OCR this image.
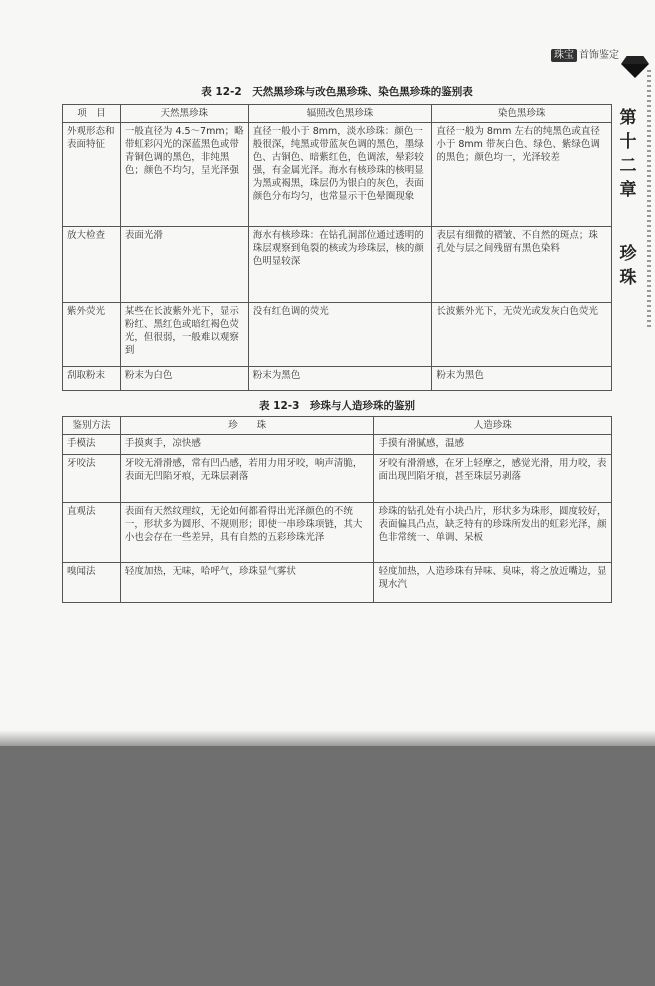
珠宝 首饰鉴定
第
十
二
章
珍
珠
表 12-2　天然黑珍珠与改色黑珍珠、染色黑珍珠的鉴别表
项　目	天然黑珍珠	辐照改色黑珍珠	染色黑珍珠
外观形态和表面特征	一般直径为 4.5～7mm；略带虹彩闪光的深蓝黑色或带青铜色调的黑色，非纯黑色；颜色不均匀，呈光泽强	直径一般小于 8mm，淡水珍珠：颜色一般很深，纯黑或带蓝灰色调的黑色，墨绿色、古铜色、暗紫红色，色调浓，晕彩较强，有金属光泽。海水有核珍珠的核明显为黑或褐黑，珠层仍为银白的灰色，表面颜色分布均匀，也常显示干色晕圈现象	直径一般为 8mm 左右的纯黑色或直径小于 8mm 带灰白色、绿色、紫绿色调的黑色；颜色均一，光泽较差
放大检查	表面光滑	海水有核珍珠：在钻孔洞部位通过透明的珠层观察到龟裂的核或为珍珠层，核的颜色明显较深	表层有细微的褶皱、不自然的斑点；珠孔处与层之间残留有黑色染料
紫外荧光	某些在长波紫外光下，显示粉红、黑红色或暗红褐色荧光，但很弱，一般难以观察到	没有红色调的荧光	长波紫外光下，无荧光或发灰白色荧光
刮取粉末	粉末为白色	粉末为黑色	粉末为黑色
表 12-3　珍珠与人造珍珠的鉴别
鉴别方法	珍　　珠	人造珍珠
手模法	手摸爽手，凉快感	手摸有滑腻感，温感
牙咬法	牙咬无滑滑感，常有凹凸感，若用力用牙咬，响声清脆，表面无凹陷牙痕，无珠层剥落	牙咬有滑滑感，在牙上轻摩之，感觉光滑，用力咬，表面出现凹陷牙痕，甚至珠层另剥落
直观法	表面有天然纹理纹，无论如何都看得出光泽颜色的不统一，形状多为圆形、不规则形；即使一串珍珠项链，其大小也会存在一些差异，具有自然的五彩珍珠光泽	珍珠的钻孔处有小块凸片，形状多为珠形，圆度较好，表面偏具凸点，缺乏特有的珍珠所发出的虹彩光泽，颜色非常统一、单调、呆板
嗅闻法	轻度加热，无味，哈呼气，珍珠显气雾状	轻度加热，人造珍珠有异味、臭味，将之放近嘴边，显现水汽
